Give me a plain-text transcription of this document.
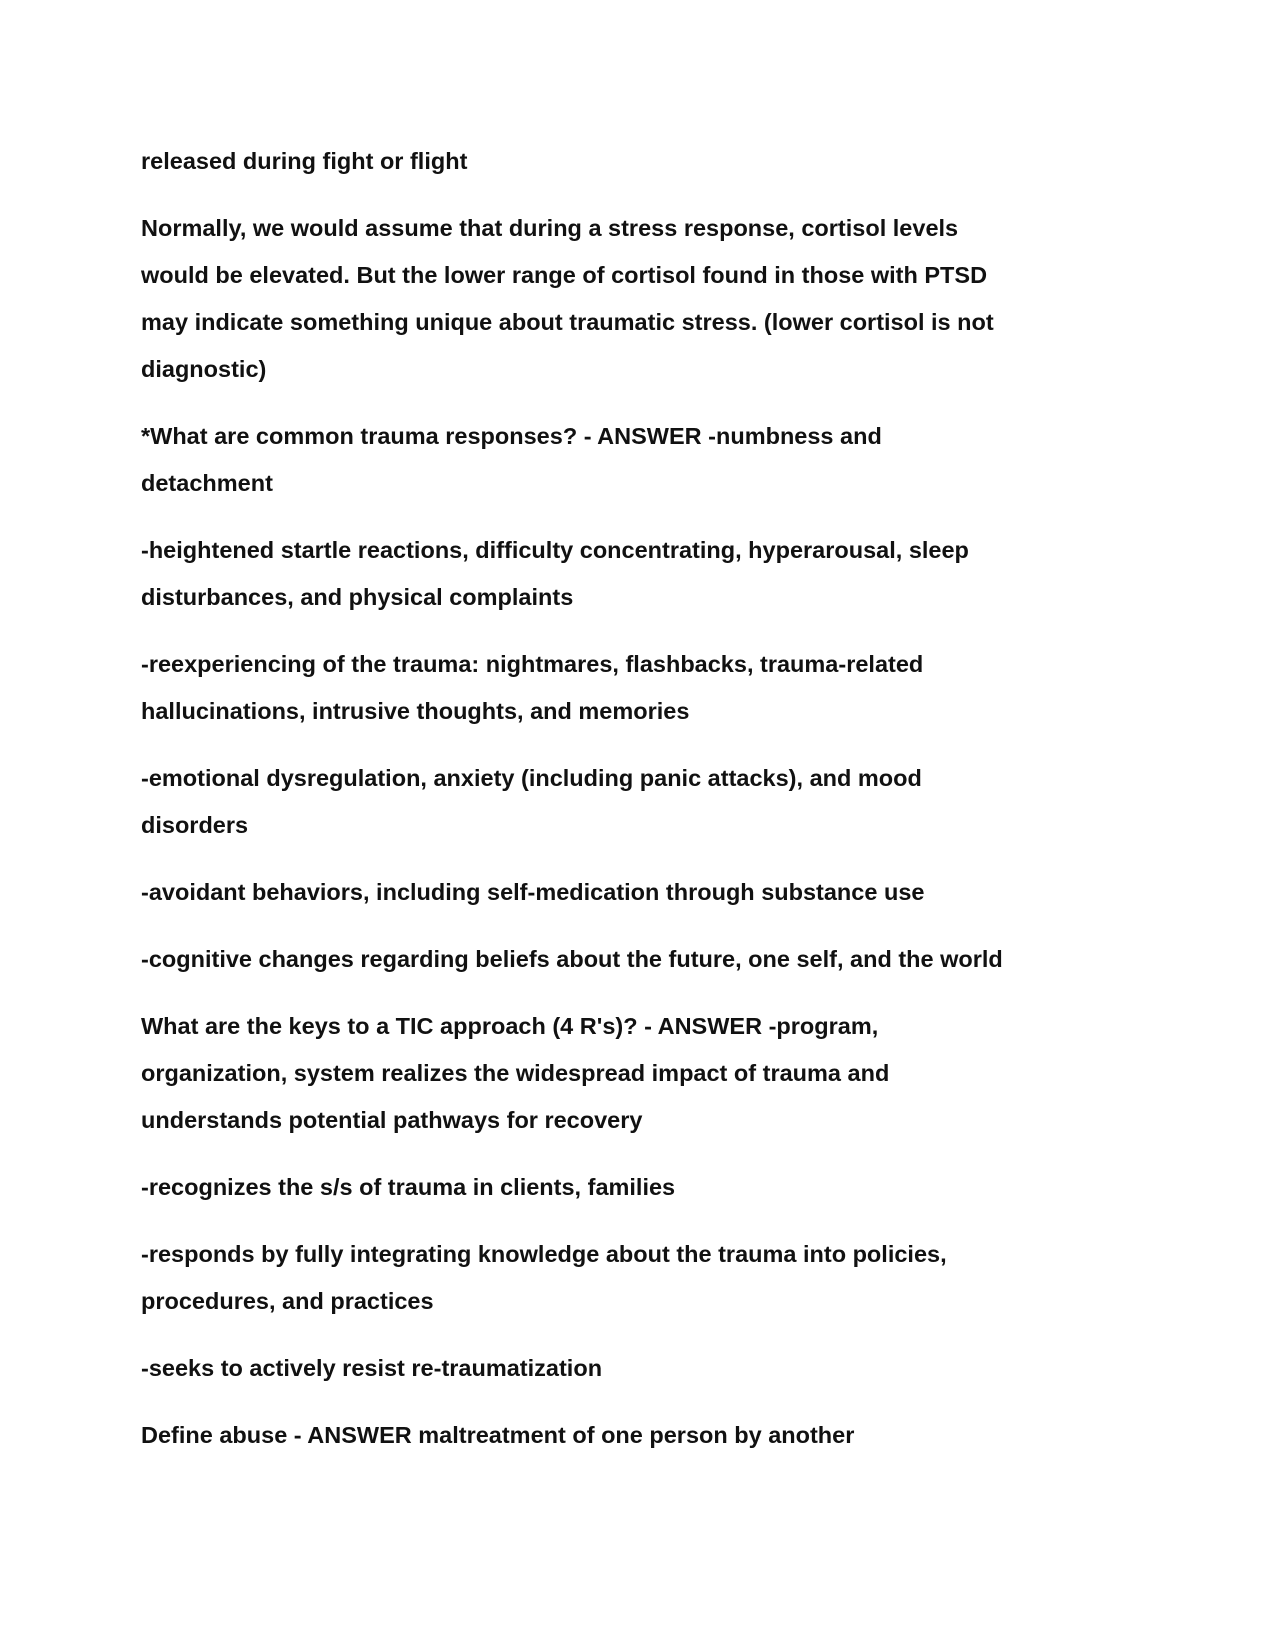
released during fight or flight
Normally, we would assume that during a stress response, cortisol levels
would be elevated. But the lower range of cortisol found in those with PTSD
may indicate something unique about traumatic stress. (lower cortisol is not
diagnostic)
*What are common trauma responses? - ANSWER -numbness and
detachment
-heightened startle reactions, difficulty concentrating, hyperarousal, sleep
disturbances, and physical complaints
-reexperiencing of the trauma: nightmares, flashbacks, trauma-related
hallucinations, intrusive thoughts, and memories
-emotional dysregulation, anxiety (including panic attacks), and mood
disorders
-avoidant behaviors, including self-medication through substance use
-cognitive changes regarding beliefs about the future, one self, and the world
What are the keys to a TIC approach (4 R's)? - ANSWER -program,
organization, system realizes the widespread impact of trauma and
understands potential pathways for recovery
-recognizes the s/s of trauma in clients, families
-responds by fully integrating knowledge about the trauma into policies,
procedures, and practices
-seeks to actively resist re-traumatization
Define abuse - ANSWER maltreatment of one person by another
